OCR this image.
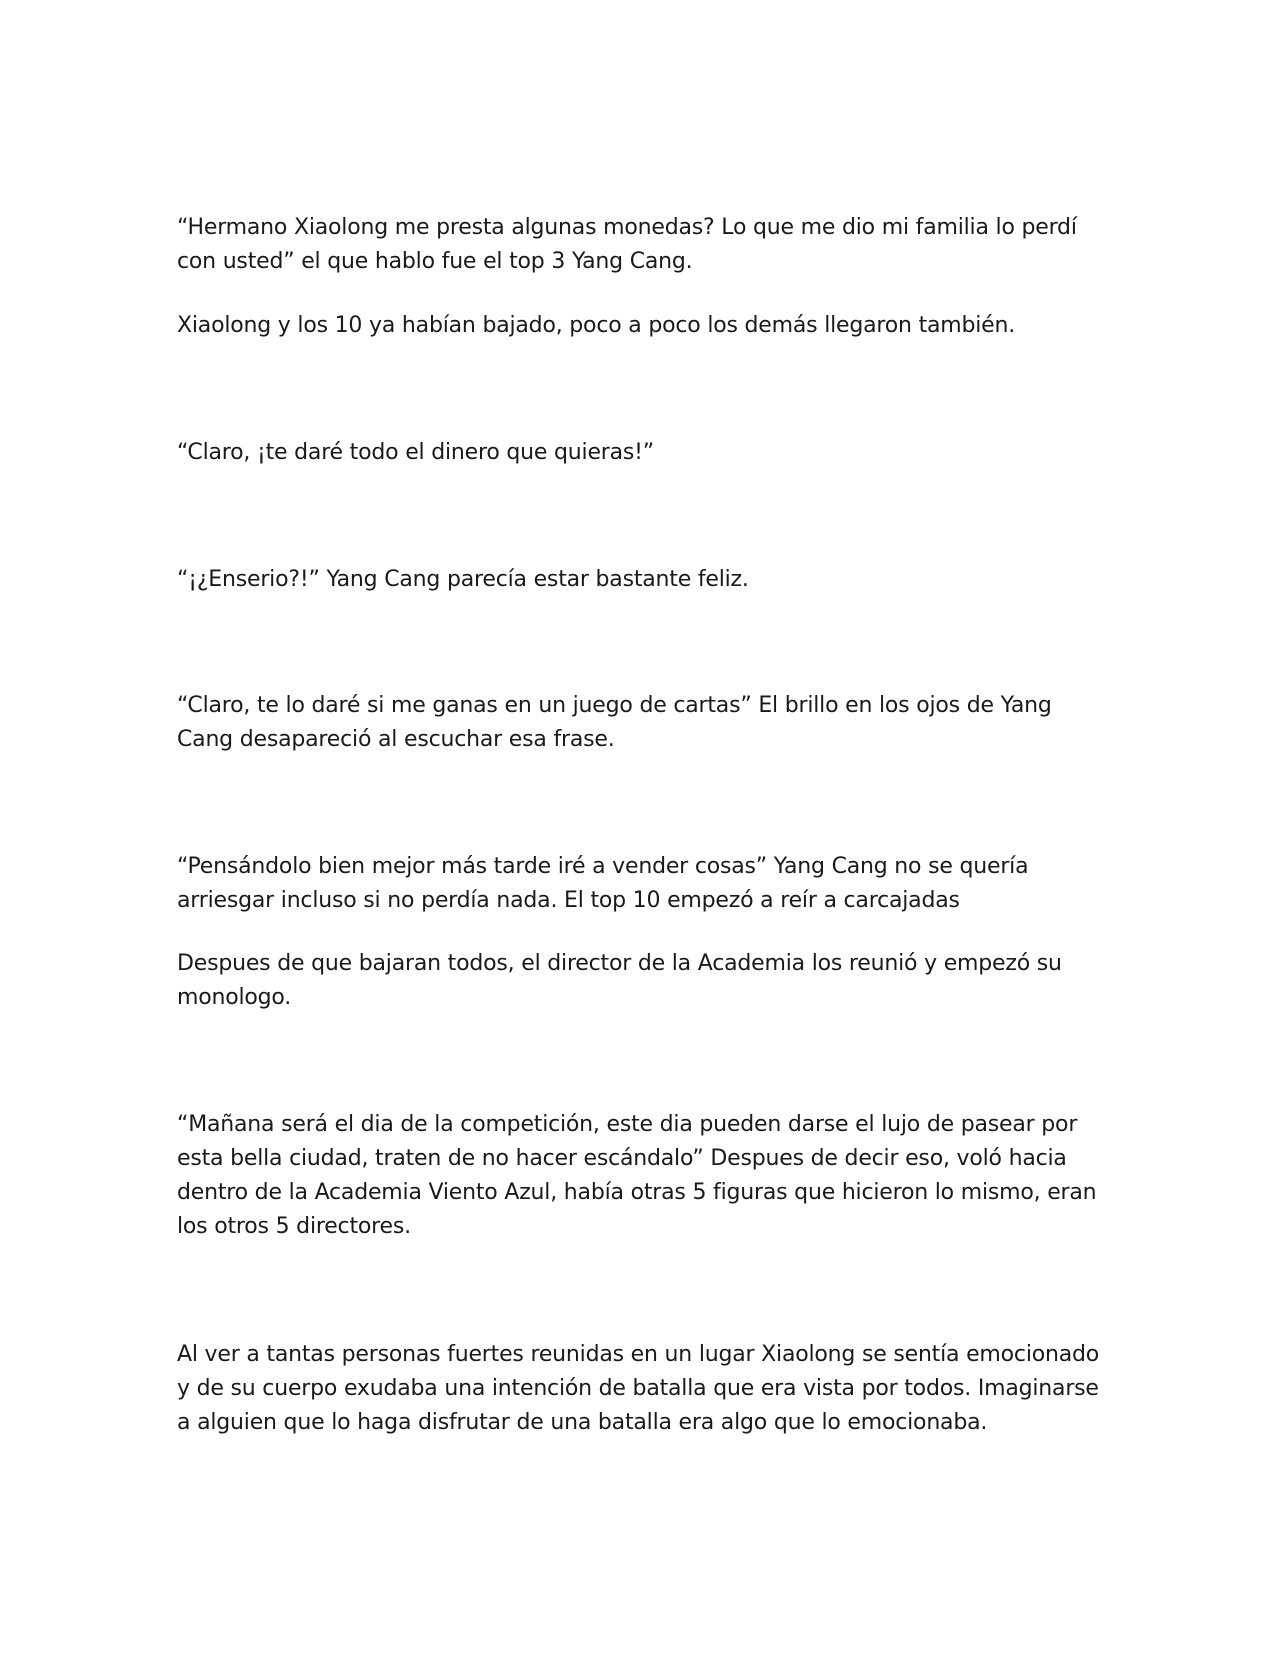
“Hermano Xiaolong me presta algunas monedas? Lo que me dio mi familia lo perdí con usted” el que hablo fue el top 3 Yang Cang.

Xiaolong y los 10 ya habían bajado, poco a poco los demás llegaron también.

“Claro, ¡te daré todo el dinero que quieras!”

“¡¿Enserio?!” Yang Cang parecía estar bastante feliz.

“Claro, te lo daré si me ganas en un juego de cartas” El brillo en los ojos de Yang Cang desapareció al escuchar esa frase.

“Pensándolo bien mejor más tarde iré a vender cosas” Yang Cang no se quería arriesgar incluso si no perdía nada. El top 10 empezó a reír a carcajadas

Despues de que bajaran todos, el director de la Academia los reunió y empezó su monologo.

“Mañana será el dia de la competición, este dia pueden darse el lujo de pasear por esta bella ciudad, traten de no hacer escándalo” Despues de decir eso, voló hacia dentro de la Academia Viento Azul, había otras 5 figuras que hicieron lo mismo, eran los otros 5 directores.

Al ver a tantas personas fuertes reunidas en un lugar Xiaolong se sentía emocionado y de su cuerpo exudaba una intención de batalla que era vista por todos. Imaginarse a alguien que lo haga disfrutar de una batalla era algo que lo emocionaba.
